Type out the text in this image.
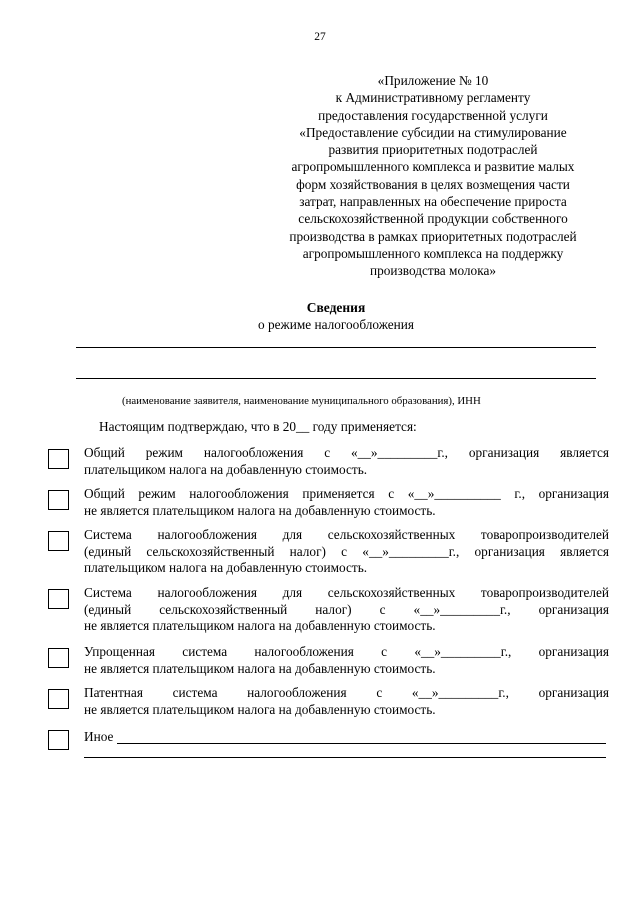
27
«Приложение № 10
к Административному регламенту
предоставления государственной услуги
«Предоставление субсидии на стимулирование
развития приоритетных подотраслей
агропромышленного комплекса и развитие малых
форм хозяйствования в целях возмещения части
затрат, направленных на обеспечение прироста
сельскохозяйственной продукции собственного
производства в рамках приоритетных подотраслей
агропромышленного комплекса на поддержку
производства молока»
Сведения
о режиме налогообложения
(наименование заявителя, наименование муниципального образования), ИНН
Настоящим подтверждаю, что в 20__ году применяется:
Общий режим налогообложения с «__»_________г., организация является
плательщиком налога на добавленную стоимость.
Общий режим налогообложения применяется с «__»__________ г., организация
не является плательщиком налога на добавленную стоимость.
Система налогообложения для сельскохозяйственных товаропроизводителей
(единый сельскохозяйственный налог) с «__»_________г., организация является
плательщиком налога на добавленную стоимость.
Система налогообложения для сельскохозяйственных товаропроизводителей
(единый сельскохозяйственный налог) с «__»_________г., организация
не является плательщиком налога на добавленную стоимость.
Упрощенная система налогообложения с «__»_________г., организация
не является плательщиком налога на добавленную стоимость.
Патентная система налогообложения с «__»_________г., организация
не является плательщиком налога на добавленную стоимость.
Иное
